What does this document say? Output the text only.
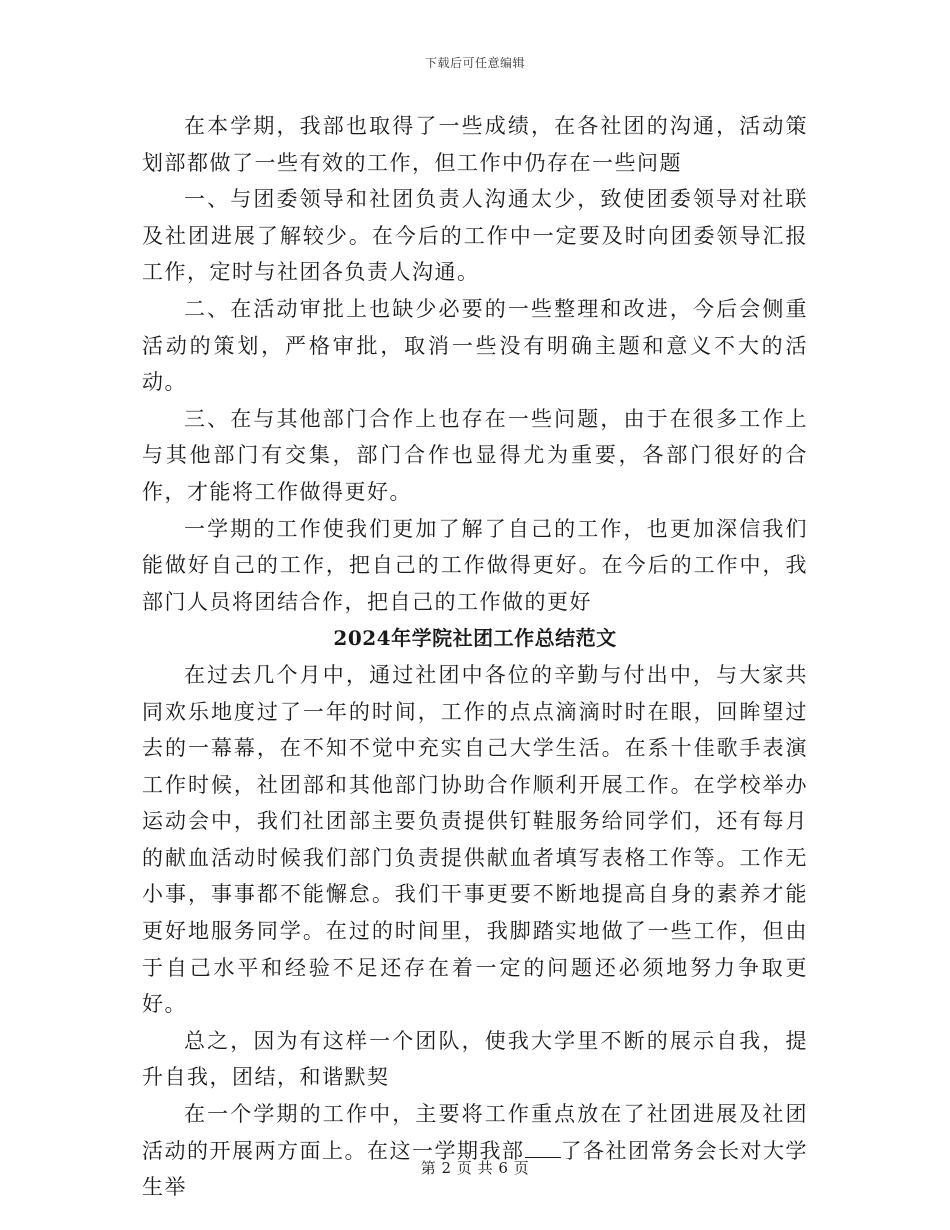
下载后可任意编辑

在本学期，我部也取得了一些成绩，在各社团的沟通，活动策划部都做了一些有效的工作，但工作中仍存在一些问题

一、与团委领导和社团负责人沟通太少，致使团委领导对社联及社团进展了解较少。在今后的工作中一定要及时向团委领导汇报工作，定时与社团各负责人沟通。

二、在活动审批上也缺少必要的一些整理和改进，今后会侧重活动的策划，严格审批，取消一些没有明确主题和意义不大的活动。

三、在与其他部门合作上也存在一些问题，由于在很多工作上与其他部门有交集，部门合作也显得尤为重要，各部门很好的合作，才能将工作做得更好。

一学期的工作使我们更加了解了自己的工作，也更加深信我们能做好自己的工作，把自己的工作做得更好。在今后的工作中，我部门人员将团结合作，把自己的工作做的更好

2024年学院社团工作总结范文

在过去几个月中，通过社团中各位的辛勤与付出中，与大家共同欢乐地度过了一年的时间，工作的点点滴滴时时在眼，回眸望过去的一幕幕，在不知不觉中充实自己大学生活。在系十佳歌手表演工作时候，社团部和其他部门协助合作顺利开展工作。在学校举办运动会中，我们社团部主要负责提供钉鞋服务给同学们，还有每月的献血活动时候我们部门负责提供献血者填写表格工作等。工作无小事，事事都不能懈怠。我们干事更要不断地提高自身的素养才能更好地服务同学。在过的时间里，我脚踏实地做了一些工作，但由于自己水平和经验不足还存在着一定的问题还必须地努力争取更好。

总之，因为有这样一个团队，使我大学里不断的展示自我，提升自我，团结，和谐默契

在一个学期的工作中，主要将工作重点放在了社团进展及社团活动的开展两方面上。在这一学期我部 了各社团常务会长对大学生举

第 2 页 共 6 页
